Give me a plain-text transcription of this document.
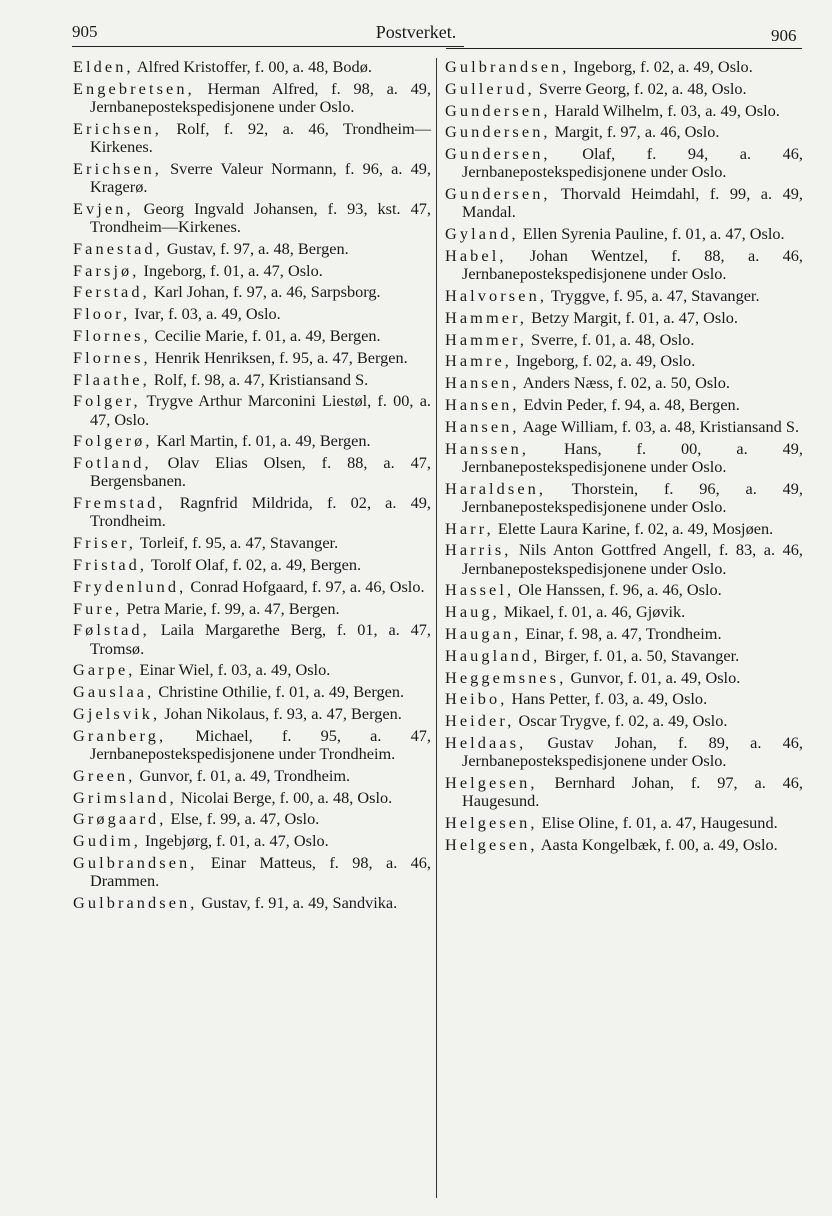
905	Postverket.	906

Elden, Alfred Kristoffer, f. 00, a. 48, Bodø.

Engebretsen, Herman Alfred, f. 98, a. 49, Jernbanepostekspedisjonene under Oslo.

Erichsen, Rolf, f. 92, a. 46, Trondheim—Kirkenes.

Erichsen, Sverre Valeur Normann, f. 96, a. 49, Kragerø.

Evjen, Georg Ingvald Johansen, f. 93, kst. 47, Trondheim—Kirkenes.

Fanestad, Gustav, f. 97, a. 48, Bergen.

Farsjø, Ingeborg, f. 01, a. 47, Oslo.

Ferstad, Karl Johan, f. 97, a. 46, Sarpsborg.

Floor, Ivar, f. 03, a. 49, Oslo.

Flornes, Cecilie Marie, f. 01, a. 49, Bergen.

Flornes, Henrik Henriksen, f. 95, a. 47, Bergen.

Flaathe, Rolf, f. 98, a. 47, Kristiansand S.

Folger, Trygve Arthur Marconini Liestøl, f. 00, a. 47, Oslo.

Folgerø, Karl Martin, f. 01, a. 49, Bergen.

Fotland, Olav Elias Olsen, f. 88, a. 47, Bergensbanen.

Fremstad, Ragnfrid Mildrida, f. 02, a. 49, Trondheim.

Friser, Torleif, f. 95, a. 47, Stavanger.

Fristad, Torolf Olaf, f. 02, a. 49, Bergen.

Frydenlund, Conrad Hofgaard, f. 97, a. 46, Oslo.

Fure, Petra Marie, f. 99, a. 47, Bergen.

Følstad, Laila Margarethe Berg, f. 01, a. 47, Tromsø.

Garpe, Einar Wiel, f. 03, a. 49, Oslo.

Gauslaa, Christine Othilie, f. 01, a. 49, Bergen.

Gjelsvik, Johan Nikolaus, f. 93, a. 47, Bergen.

Granberg, Michael, f. 95, a. 47, Jernbanepostekspedisjonene under Trondheim.

Green, Gunvor, f. 01, a. 49, Trondheim.

Grimsland, Nicolai Berge, f. 00, a. 48, Oslo.

Grøgaard, Else, f. 99, a. 47, Oslo.

Gudim, Ingebjørg, f. 01, a. 47, Oslo.

Gulbrandsen, Einar Matteus, f. 98, a. 46, Drammen.

Gulbrandsen, Gustav, f. 91, a. 49, Sandvika.

Gulbrandsen, Ingeborg, f. 02, a. 49, Oslo.

Gullerud, Sverre Georg, f. 02, a. 48, Oslo.

Gundersen, Harald Wilhelm, f. 03, a. 49, Oslo.

Gundersen, Margit, f. 97, a. 46, Oslo.

Gundersen, Olaf, f. 94, a. 46, Jernbanepostekspedisjonene under Oslo.

Gundersen, Thorvald Heimdahl, f. 99, a. 49, Mandal.

Gyland, Ellen Syrenia Pauline, f. 01, a. 47, Oslo.

Habel, Johan Wentzel, f. 88, a. 46, Jernbanepostekspedisjonene under Oslo.

Halvorsen, Tryggve, f. 95, a. 47, Stavanger.

Hammer, Betzy Margit, f. 01, a. 47, Oslo.

Hammer, Sverre, f. 01, a. 48, Oslo.

Hamre, Ingeborg, f. 02, a. 49, Oslo.

Hansen, Anders Næss, f. 02, a. 50, Oslo.

Hansen, Edvin Peder, f. 94, a. 48, Bergen.

Hansen, Aage William, f. 03, a. 48, Kristiansand S.

Hanssen, Hans, f. 00, a. 49, Jernbanepostekspedisjonene under Oslo.

Haraldsen, Thorstein, f. 96, a. 49, Jernbanepostekspedisjonene under Oslo.

Harr, Elette Laura Karine, f. 02, a. 49, Mosjøen.

Harris, Nils Anton Gottfred Angell, f. 83, a. 46, Jernbanepostekspedisjonene under Oslo.

Hassel, Ole Hanssen, f. 96, a. 46, Oslo.

Haug, Mikael, f. 01, a. 46, Gjøvik.

Haugan, Einar, f. 98, a. 47, Trondheim.

Haugland, Birger, f. 01, a. 50, Stavanger.

Heggemsnes, Gunvor, f. 01, a. 49, Oslo.

Heibo, Hans Petter, f. 03, a. 49, Oslo.

Heider, Oscar Trygve, f. 02, a. 49, Oslo.

Heldaas, Gustav Johan, f. 89, a. 46, Jernbanepostekspedisjonene under Oslo.

Helgesen, Bernhard Johan, f. 97, a. 46, Haugesund.

Helgesen, Elise Oline, f. 01, a. 47, Haugesund.

Helgesen, Aasta Kongelbæk, f. 00, a. 49, Oslo.
